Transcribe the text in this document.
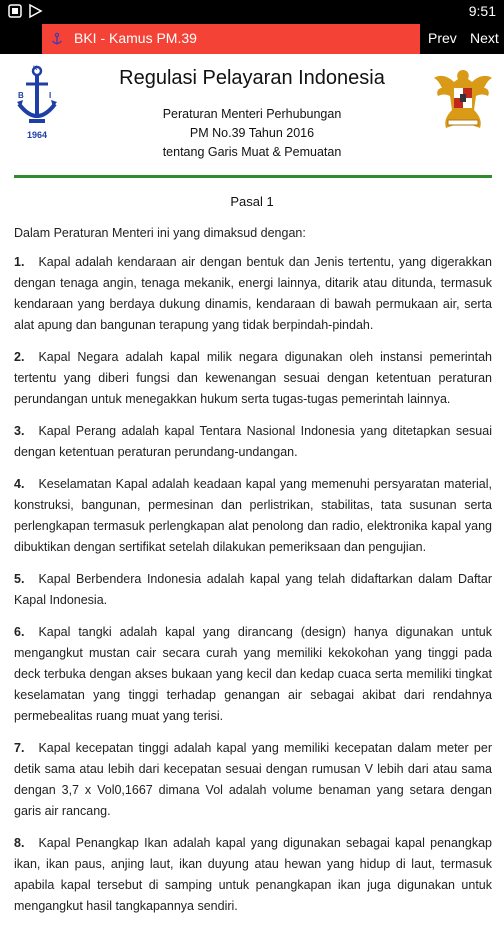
9:51
BKI - Kamus PM.39	Prev Next
B	I
K
1964
Regulasi Pelayaran Indonesia
Peraturan Menteri Perhubungan
PM No.39 Tahun 2016
tentang Garis Muat & Pemuatan
Pasal 1
Dalam Peraturan Menteri ini yang dimaksud dengan:

1. Kapal adalah kendaraan air dengan bentuk dan Jenis tertentu, yang digerakkan dengan tenaga angin, tenaga mekanik, energi lainnya, ditarik atau ditunda, termasuk kendaraan yang berdaya dukung dinamis, kendaraan di bawah permukaan air, serta alat apung dan bangunan terapung yang tidak berpindah-pindah.

2. Kapal Negara adalah kapal milik negara digunakan oleh instansi pemerintah tertentu yang diberi fungsi dan kewenangan sesuai dengan ketentuan peraturan perundangan untuk menegakkan hukum serta tugas-tugas pemerintah lainnya.

3. Kapal Perang adalah kapal Tentara Nasional Indonesia yang ditetapkan sesuai dengan ketentuan peraturan perundang-undangan.

4. Keselamatan Kapal adalah keadaan kapal yang memenuhi persyaratan material, konstruksi, bangunan, permesinan dan perlistrikan, stabilitas, tata susunan serta perlengkapan termasuk perlengkapan alat penolong dan radio, elektronika kapal yang dibuktikan dengan sertifikat setelah dilakukan pemeriksaan dan pengujian.

5. Kapal Berbendera Indonesia adalah kapal yang telah didaftarkan dalam Daftar Kapal Indonesia.

6. Kapal tangki adalah kapal yang dirancang (design) hanya digunakan untuk mengangkut mustan cair secara curah yang memiliki kekokohan yang tinggi pada deck terbuka dengan akses bukaan yang kecil dan kedap cuaca serta memiliki tingkat keselamatan yang tinggi terhadap genangan air sebagai akibat dari rendahnya permebealitas ruang muat yang terisi.

7. Kapal kecepatan tinggi adalah kapal yang memiliki kecepatan dalam meter per detik sama atau lebih dari kecepatan sesuai dengan rumusan V lebih dari atau sama dengan 3,7 x Vol0,1667 dimana Vol adalah volume benaman yang setara dengan garis air rancang.

8. Kapal Penangkap Ikan adalah kapal yang digunakan sebagai kapal penangkap ikan, ikan paus, anjing laut, ikan duyung atau hewan yang hidup di laut, termasuk apabila kapal tersebut di samping untuk penangkapan ikan juga digunakan untuk mengangkut hasil tangkapannya sendiri.
